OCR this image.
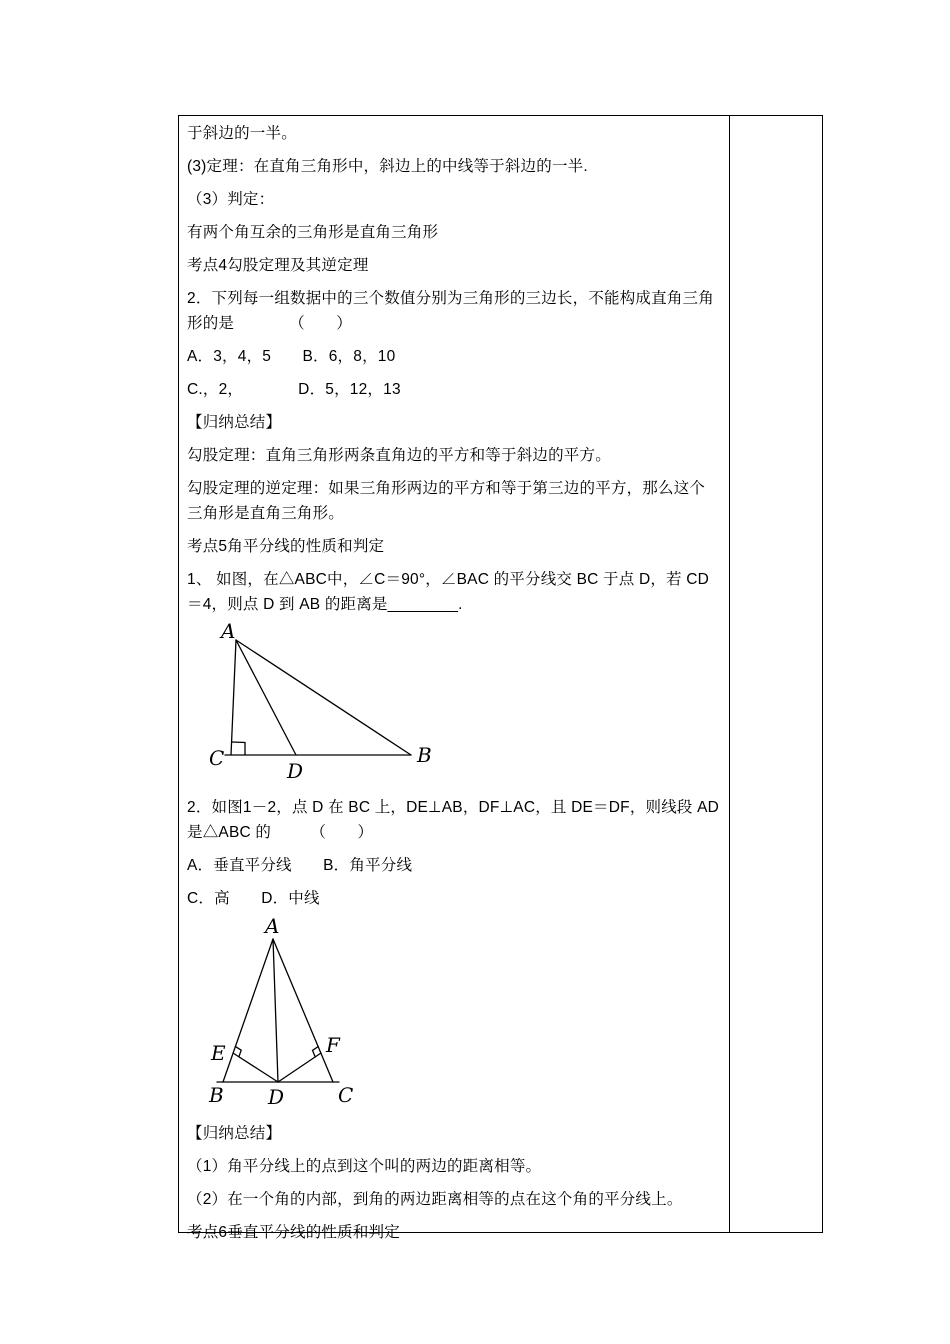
于斜边的一半。

(3)定理：在直角三角形中，斜边上的中线等于斜边的一半.

（3）判定：

有两个角互余的三角形是直角三角形

考点4勾股定理及其逆定理

2．下列每一组数据中的三个数值分别为三角形的三边长，不能构成直角三角形的是　　　　（　　）

A．3，4，5　　B．6，8，10

C.，2，　　　　D．5，12，13

【归纳总结】

勾股定理：直角三角形两条直角边的平方和等于斜边的平方。

勾股定理的逆定理：如果三角形两边的平方和等于第三边的平方，那么这个 三角形是直角三角形。

考点5角平分线的性质和判定

1、 如图，在△ABC中，∠C＝90°，∠BAC 的平分线交 BC 于点 D，若 CD＝4，则点 D 到 AB 的距离是________.

A
C	B
D

2．如图1－2，点 D 在 BC 上，DE⊥AB，DF⊥AC，且 DE＝DF，则线段 AD 是△ABC 的　　　（　　）

A．垂直平分线　　B．角平分线

C．高　　D．中线

A
E	F
B D	C

【归纳总结】

（1）角平分线上的点到这个叫的两边的距离相等。

（2）在一个角的内部，到角的两边距离相等的点在这个角的平分线上。

考点6垂直平分线的性质和判定
